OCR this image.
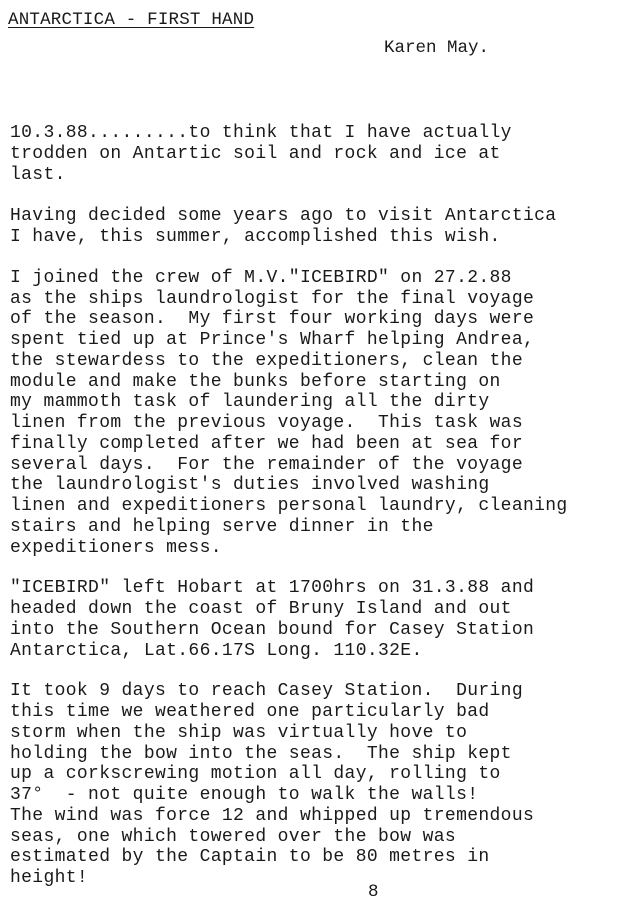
ANTARCTICA - FIRST HAND
Karen May.
10.3.88.........to think that I have actually
trodden on Antartic soil and rock and ice at
last.
Having decided some years ago to visit Antarctica
I have, this summer, accomplished this wish.
I joined the crew of M.V."ICEBIRD" on 27.2.88
as the ships laundrologist for the final voyage
of the season.  My first four working days were
spent tied up at Prince's Wharf helping Andrea,
the stewardess to the expeditioners, clean the
module and make the bunks before starting on
my mammoth task of laundering all the dirty
linen from the previous voyage.  This task was
finally completed after we had been at sea for
several days.  For the remainder of the voyage
the laundrologist's duties involved washing
linen and expeditioners personal laundry, cleaning
stairs and helping serve dinner in the
expeditioners mess.
"ICEBIRD" left Hobart at 1700hrs on 31.3.88 and
headed down the coast of Bruny Island and out
into the Southern Ocean bound for Casey Station
Antarctica, Lat.66.17S Long. 110.32E.
It took 9 days to reach Casey Station.  During
this time we weathered one particularly bad
storm when the ship was virtually hove to
holding the bow into the seas.  The ship kept
up a corkscrewing motion all day, rolling to
37°  - not quite enough to walk the walls!
The wind was force 12 and whipped up tremendous
seas, one which towered over the bow was
estimated by the Captain to be 80 metres in
height!
8
